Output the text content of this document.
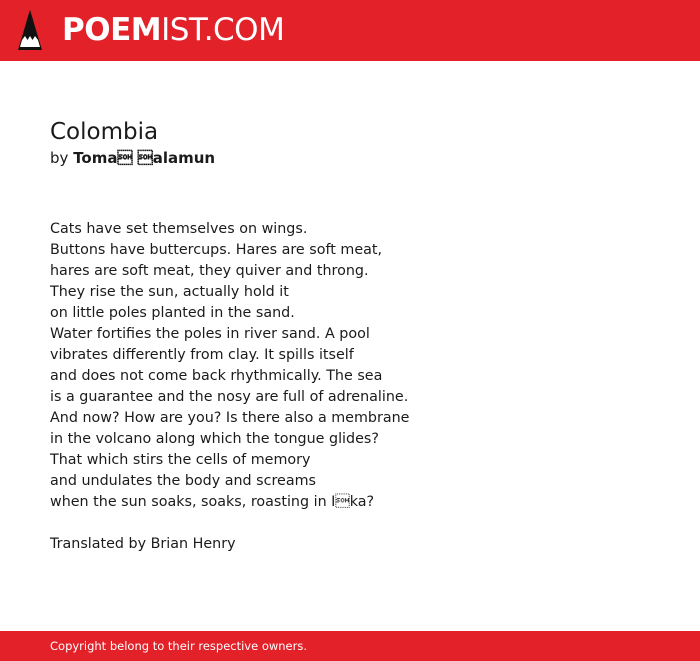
POEMIST.COM
Colombia
by Toma alamun
Cats have set themselves on wings.
Buttons have buttercups. Hares are soft meat,
hares are soft meat, they quiver and throng.
They rise the sun, actually hold it
on little poles planted in the sand.
Water fortifies the poles in river sand. A pool
vibrates differently from clay. It spills itself
and does not come back rhythmically. The sea
is a guarantee and the nosy are full of adrenaline.
And now? How are you? Is there also a membrane
in the volcano along which the tongue glides?
That which stirs the cells of memory
and undulates the body and screams
when the sun soaks, soaks, roasting in Ika?
Translated by Brian Henry
Copyright belong to their respective owners.
